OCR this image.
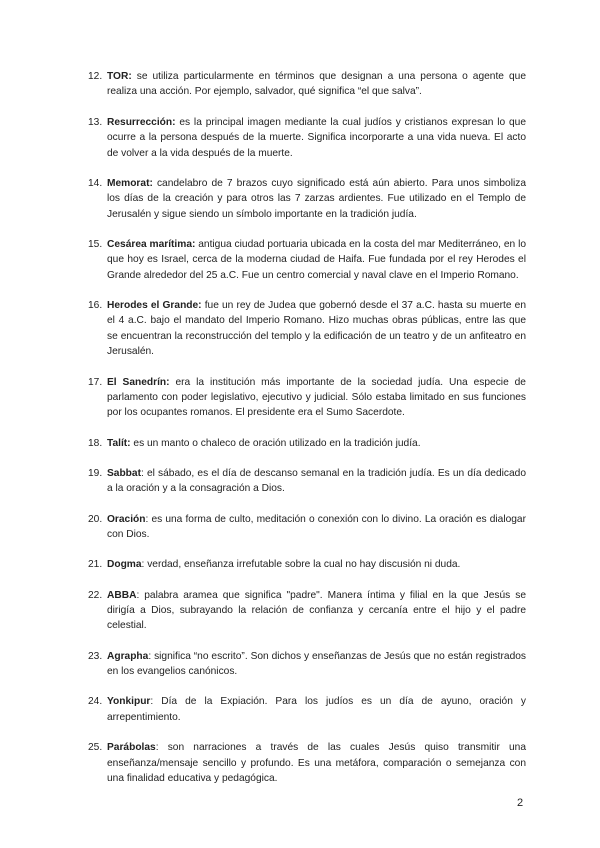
12. TOR: se utiliza particularmente en términos que designan a una persona o agente que realiza una acción. Por ejemplo, salvador, qué significa “el que salva”.
13. Resurrección: es la principal imagen mediante la cual judíos y cristianos expresan lo que ocurre a la persona después de la muerte. Significa incorporarte a una vida nueva. El acto de volver a la vida después de la muerte.
14. Memorat: candelabro de 7 brazos cuyo significado está aún abierto. Para unos simboliza los días de la creación y para otros las 7 zarzas ardientes. Fue utilizado en el Templo de Jerusalén y sigue siendo un símbolo importante en la tradición judía.
15. Cesárea marítima: antigua ciudad portuaria ubicada en la costa del mar Mediterráneo, en lo que hoy es Israel, cerca de la moderna ciudad de Haifa. Fue fundada por el rey Herodes el Grande alrededor del 25 a.C. Fue un centro comercial y naval clave en el Imperio Romano.
16. Herodes el Grande: fue un rey de Judea que gobernó desde el 37 a.C. hasta su muerte en el 4 a.C. bajo el mandato del Imperio Romano. Hizo muchas obras públicas, entre las que se encuentran la reconstrucción del templo y la edificación de un teatro y de un anfiteatro en Jerusalén.
17. El Sanedrín: era la institución más importante de la sociedad judía. Una especie de parlamento con poder legislativo, ejecutivo y judicial. Sólo estaba limitado en sus funciones por los ocupantes romanos. El presidente era el Sumo Sacerdote.
18. Talít: es un manto o chaleco de oración utilizado en la tradición judía.
19. Sabbat: el sábado, es el día de descanso semanal en la tradición judía. Es un día dedicado a la oración y a la consagración a Dios.
20. Oración: es una forma de culto, meditación o conexión con lo divino. La oración es dialogar con Dios.
21. Dogma: verdad, enseñanza irrefutable sobre la cual no hay discusión ni duda.
22. ABBA: palabra aramea que significa "padre". Manera íntima y filial en la que Jesús se dirigía a Dios, subrayando la relación de confianza y cercanía entre el hijo y el padre celestial.
23. Agrapha: significa “no escrito”. Son dichos y enseñanzas de Jesús que no están registrados en los evangelios canónicos.
24. Yonkipur: Día de la Expiación. Para los judíos es un día de ayuno, oración y arrepentimiento.
25. Parábolas: son narraciones a través de las cuales Jesús quiso transmitir una enseñanza/mensaje sencillo y profundo. Es una metáfora, comparación o semejanza con una finalidad educativa y pedagógica.
2
